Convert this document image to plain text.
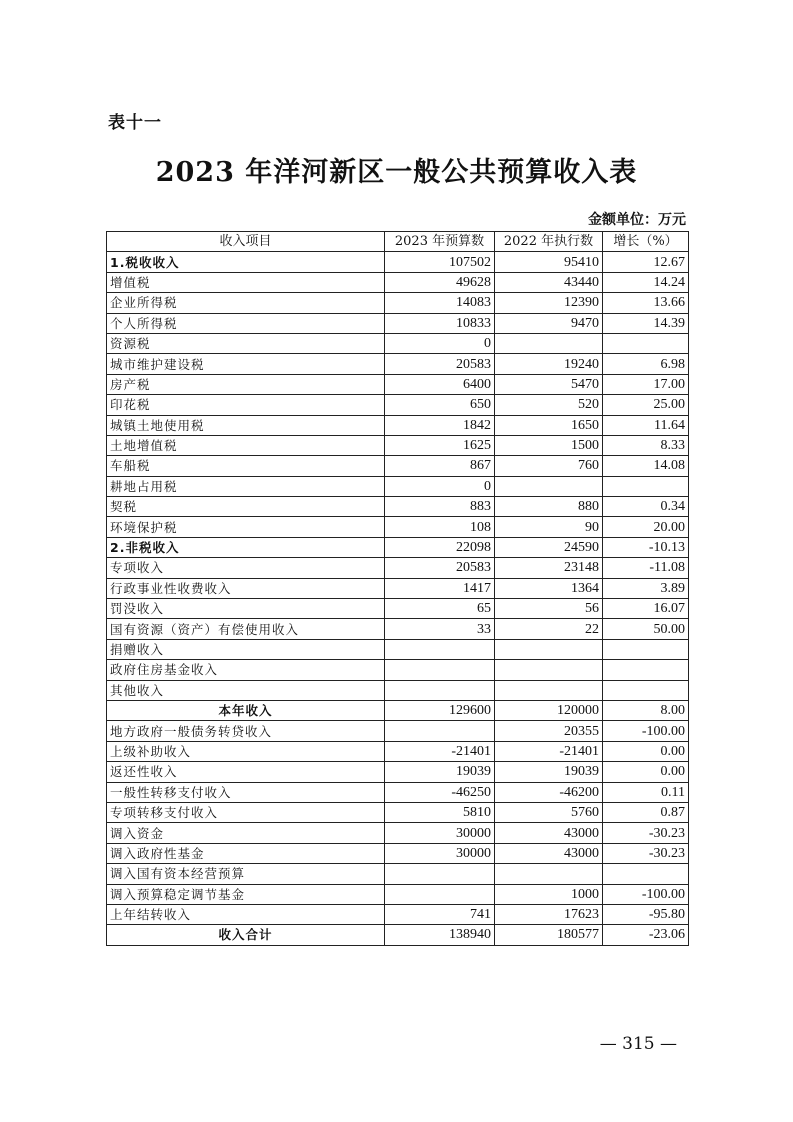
表十一
2023 年洋河新区一般公共预算收入表
金额单位：万元
收入项目	2023 年预算数	2022 年执行数	增长（%）
1.税收收入	107502	95410	12.67
增值税	49628	43440	14.24
企业所得税	14083	12390	13.66
个人所得税	10833	9470	14.39
资源税	0		
城市维护建设税	20583	19240	6.98
房产税	6400	5470	17.00
印花税	650	520	25.00
城镇土地使用税	1842	1650	11.64
土地增值税	1625	1500	8.33
车船税	867	760	14.08
耕地占用税	0		
契税	883	880	0.34
环境保护税	108	90	20.00
2.非税收入	22098	24590	-10.13
专项收入	20583	23148	-11.08
行政事业性收费收入	1417	1364	3.89
罚没收入	65	56	16.07
国有资源（资产）有偿使用收入	33	22	50.00
捐赠收入			
政府住房基金收入			
其他收入			
本年收入	129600	120000	8.00
地方政府一般债务转贷收入		20355	-100.00
上级补助收入	-21401	-21401	0.00
返还性收入	19039	19039	0.00
一般性转移支付收入	-46250	-46200	0.11
专项转移支付收入	5810	5760	0.87
调入资金	30000	43000	-30.23
调入政府性基金	30000	43000	-30.23
调入国有资本经营预算			
调入预算稳定调节基金		1000	-100.00
上年结转收入	741	17623	-95.80
收入合计	138940	180577	-23.06
— 315 —
